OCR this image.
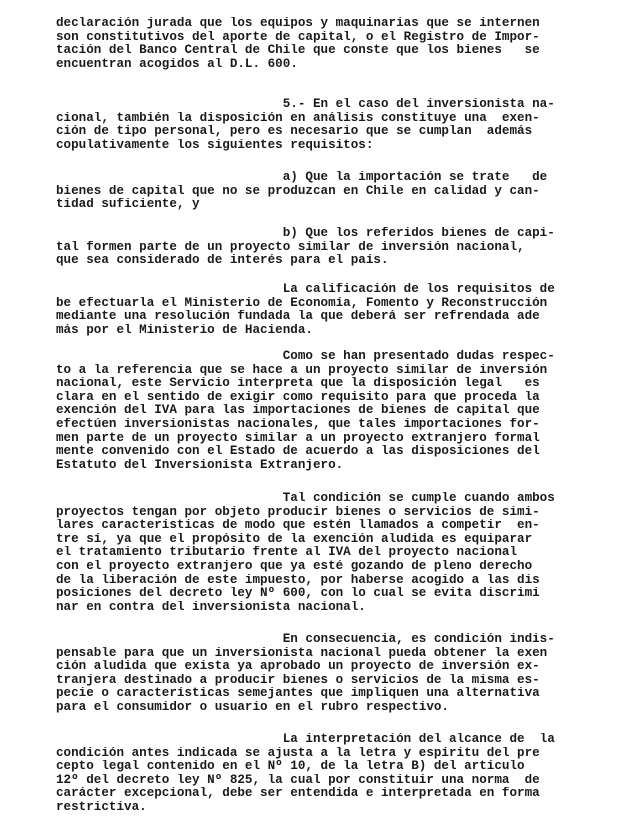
declaración jurada que los equipos y maquinarias que se internen
son constitutivos del aporte de capital, o el Registro de Impor-
tación del Banco Central de Chile que conste que los bienes   se
encuentran acogidos al D.L. 600.
5.- En el caso del inversionista na-
cional, también la disposición en análisis constituye una  exen-
ción de tipo personal, pero es necesario que se cumplan  además
copulativamente los siguientes requisitos:
a) Que la importación se trate   de
bienes de capital que no se produzcan en Chile en calidad y can-
tidad suficiente, y
b) Que los referidos bienes de capi-
tal formen parte de un proyecto similar de inversión nacional,
que sea considerado de interés para el país.
La calificación de los requisitos de
be efectuarla el Ministerio de Economía, Fomento y Reconstrucción
mediante una resolución fundada la que deberá ser refrendada ade
más por el Ministerio de Hacienda.
Como se han presentado dudas respec-
to a la referencia que se hace a un proyecto similar de inversión
nacional, este Servicio interpreta que la disposición legal   es
clara en el sentido de exigir como requisito para que proceda la
exención del IVA para las importaciones de bienes de capital que
efectúen inversionistas nacionales, que tales importaciones for-
men parte de un proyecto similar a un proyecto extranjero formal
mente convenido con el Estado de acuerdo a las disposiciones del
Estatuto del Inversionista Extranjero.
Tal condición se cumple cuando ambos
proyectos tengan por objeto producir bienes o servicios de simi-
lares características de modo que estén llamados a competir  en-
tre sí, ya que el propósito de la exención aludida es equiparar
el tratamiento tributario frente al IVA del proyecto nacional
con el proyecto extranjero que ya esté gozando de pleno derecho
de la liberación de este impuesto, por haberse acogido a las dis
posiciones del decreto ley Nº 600, con lo cual se evita discrimi
nar en contra del inversionista nacional.
En consecuencia, es condición indis-
pensable para que un inversionista nacional pueda obtener la exen
ción aludida que exista ya aprobado un proyecto de inversión ex-
tranjera destinado a producir bienes o servicios de la misma es-
pecie o características semejantes que impliquen una alternativa
para el consumidor o usuario en el rubro respectivo.
La interpretación del alcance de  la
condición antes indicada se ajusta a la letra y espíritu del pre
cepto legal contenido en el Nº 10, de la letra B) del artículo
12º del decreto ley Nº 825, la cual por constituir una norma  de
carácter excepcional, debe ser entendida e interpretada en forma
restrictiva.
